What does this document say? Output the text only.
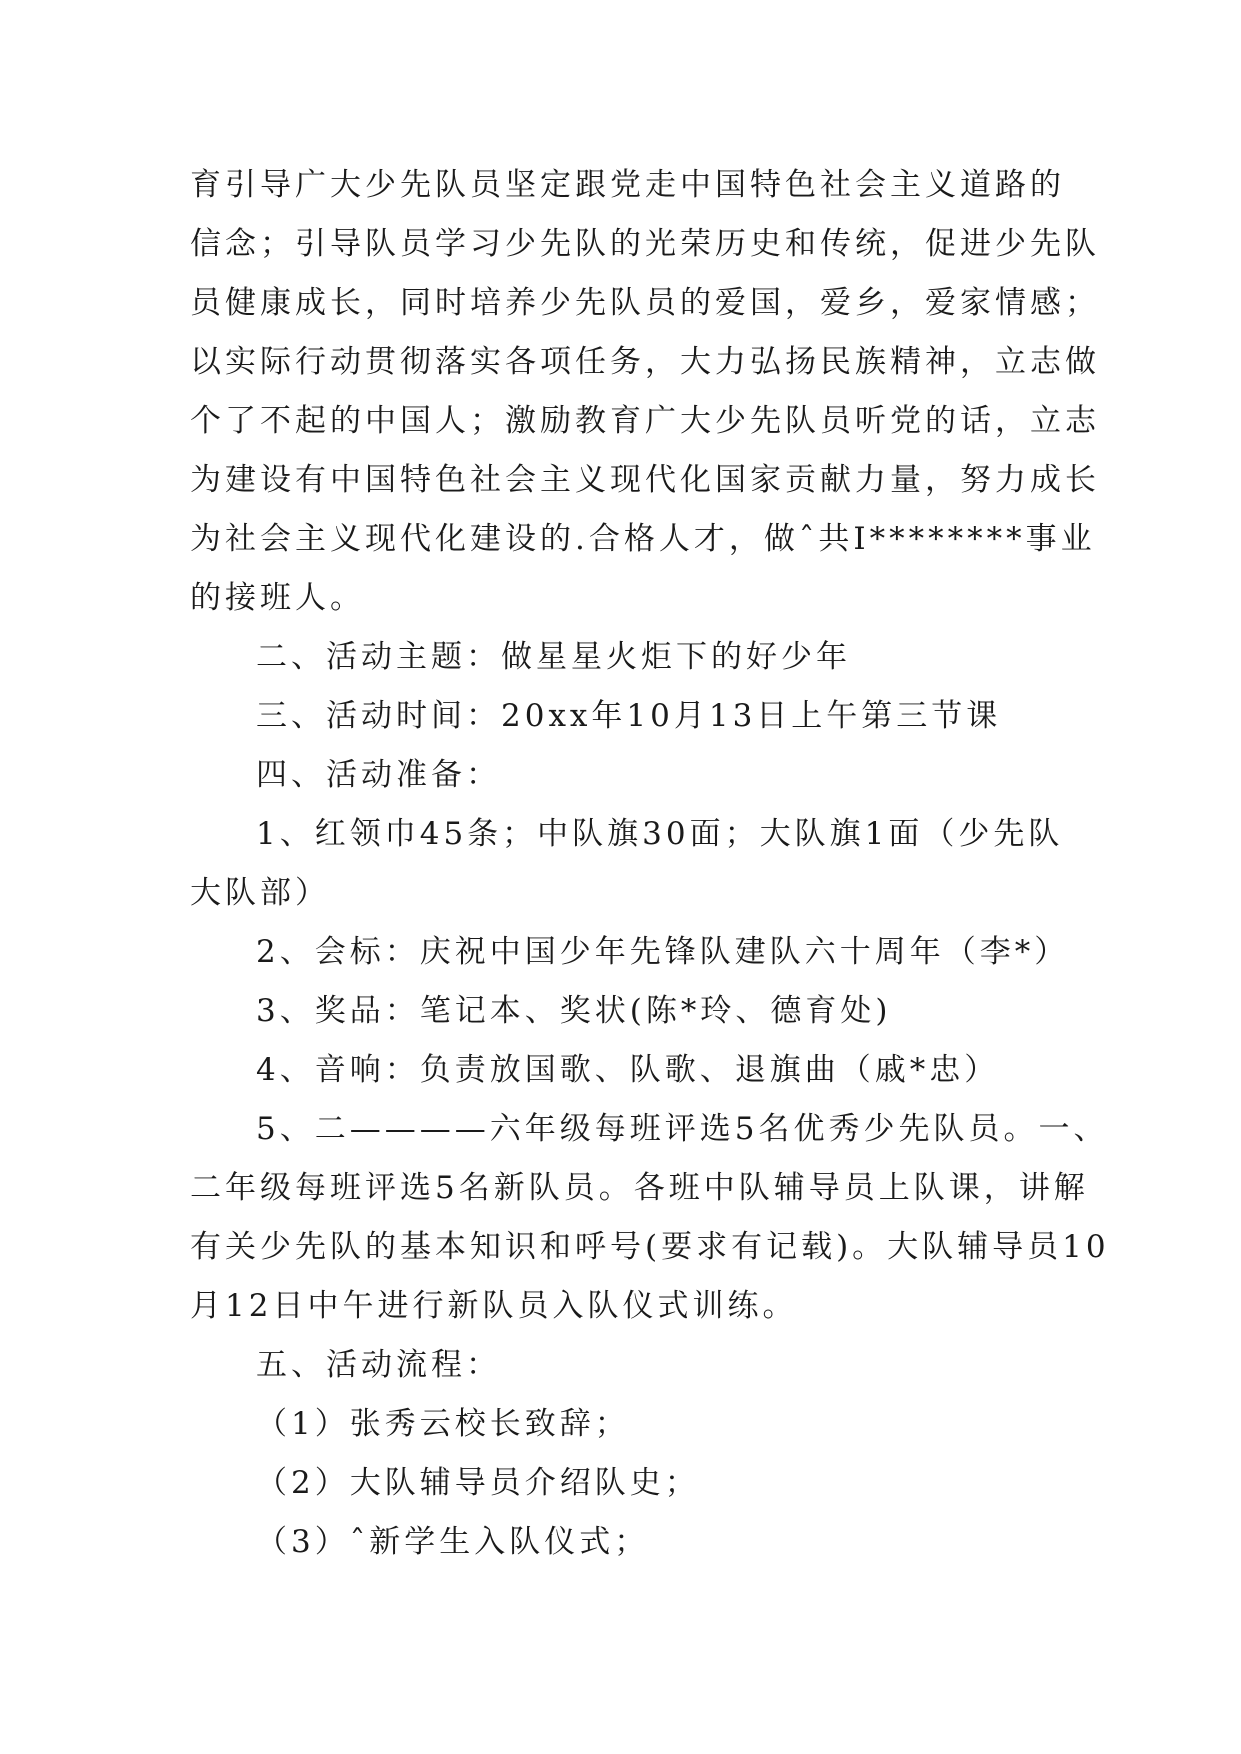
育引导广大少先队员坚定跟党走中国特色社会主义道路的
信念；引导队员学习少先队的光荣历史和传统，促进少先队
员健康成长，同时培养少先队员的爱国，爱乡，爱家情感；
以实际行动贯彻落实各项任务，大力弘扬民族精神，立志做
个了不起的中国人；激励教育广大少先队员听党的话，立志
为建设有中国特色社会主义现代化国家贡献力量，努力成长
为社会主义现代化建设的.合格人才，做ˆ共I********事业
的接班人。
二、活动主题：做星星火炬下的好少年
三、活动时间：20xx年10月13日上午第三节课
四、活动准备：
1、红领巾45条；中队旗30面；大队旗1面（少先队
大队部）
2、会标：庆祝中国少年先锋队建队六十周年（李*）
3、奖品：笔记本、奖状(陈*玲、德育处)
4、音响：负责放国歌、队歌、退旗曲（戚*忠）
5、二————六年级每班评选5名优秀少先队员。一、
二年级每班评选5名新队员。各班中队辅导员上队课，讲解
有关少先队的基本知识和呼号(要求有记载)。大队辅导员10
月12日中午进行新队员入队仪式训练。
五、活动流程：
（1）张秀云校长致辞；
（2）大队辅导员介绍队史；
（3）ˆ新学生入队仪式；
